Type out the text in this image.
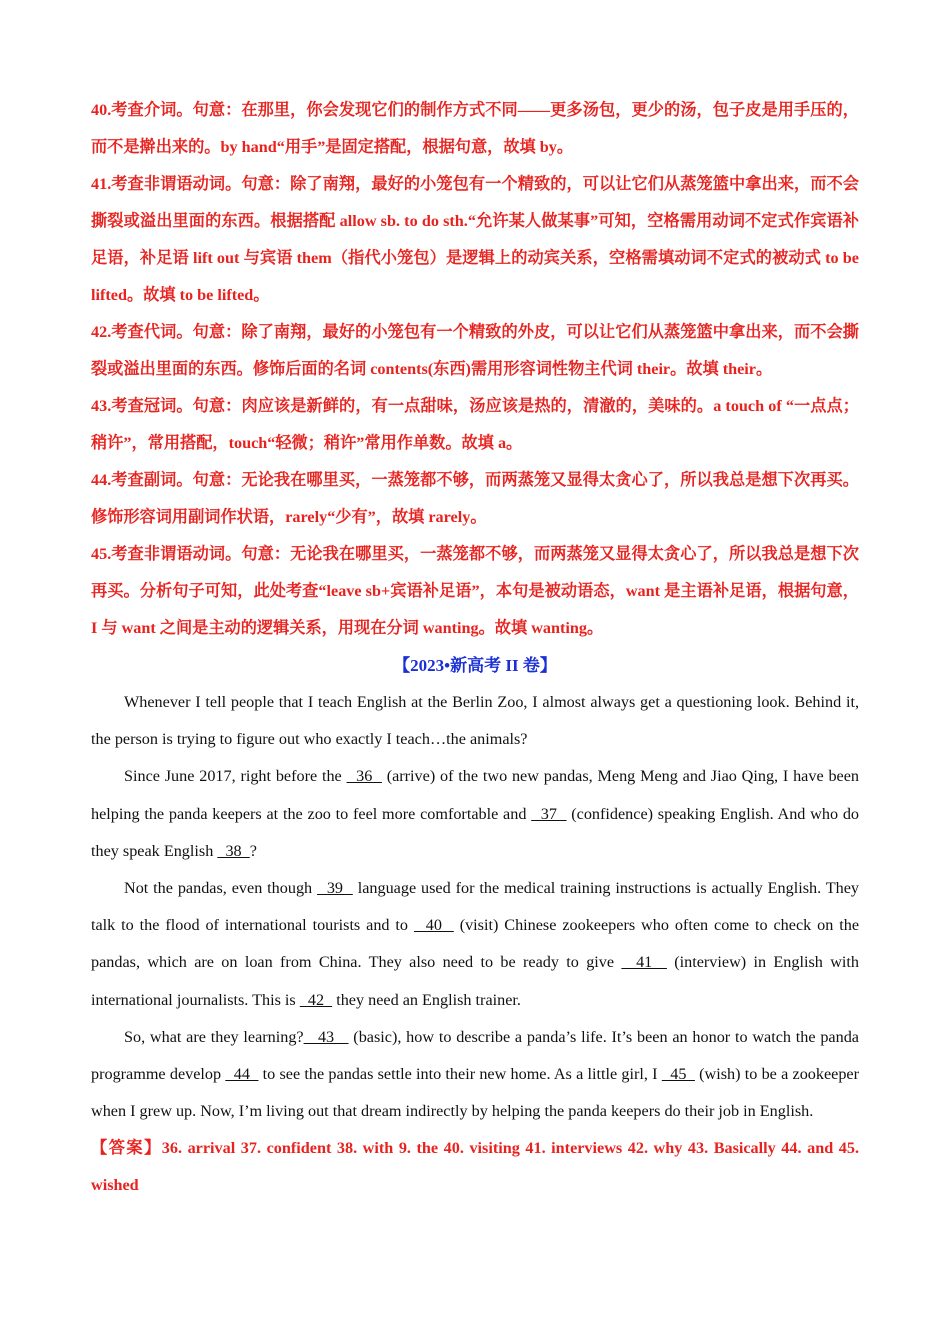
40.考查介词。句意：在那里，你会发现它们的制作方式不同——更多汤包，更少的汤，包子皮是用手压的，而不是擀出来的。by hand“用手”是固定搭配，根据句意，故填 by。

41.考查非谓语动词。句意：除了南翔，最好的小笼包有一个精致的，可以让它们从蒸笼篮中拿出来，而不会撕裂或溢出里面的东西。根据搭配 allow sb. to do sth.“允许某人做某事”可知，空格需用动词不定式作宾语补足语，补足语 lift out 与宾语 them（指代小笼包）是逻辑上的动宾关系，空格需填动词不定式的被动式 to be lifted。故填 to be lifted。

42.考查代词。句意：除了南翔，最好的小笼包有一个精致的外皮，可以让它们从蒸笼篮中拿出来，而不会撕裂或溢出里面的东西。修饰后面的名词 contents(东西)需用形容词性物主代词 their。故填 their。

43.考查冠词。句意：肉应该是新鲜的，有一点甜味，汤应该是热的，清澈的，美味的。a touch of “一点点；稍许”，常用搭配，touch“轻微；稍许”常用作单数。故填 a。

44.考查副词。句意：无论我在哪里买，一蒸笼都不够，而两蒸笼又显得太贪心了，所以我总是想下次再买。修饰形容词用副词作状语，rarely“少有”，故填 rarely。

45.考查非谓语动词。句意：无论我在哪里买，一蒸笼都不够，而两蒸笼又显得太贪心了，所以我总是想下次再买。分析句子可知，此处考查“leave sb+宾语补足语”，本句是被动语态，want 是主语补足语，根据句意，I 与 want 之间是主动的逻辑关系，用现在分词 wanting。故填 wanting。

【2023•新高考 II 卷】

Whenever I tell people that I teach English at the Berlin Zoo, I almost always get a questioning look. Behind it, the person is trying to figure out who exactly I teach…the animals?

Since June 2017, right before the   36   (arrive) of the two new pandas, Meng Meng and Jiao Qing, I have been helping the panda keepers at the zoo to feel more comfortable and   37   (confidence) speaking English. And who do they speak English   38  ?

Not the pandas, even though   39   language used for the medical training instructions is actually English. They talk to the flood of international tourists and to   40   (visit) Chinese zookeepers who often come to check on the pandas, which are on loan from China. They also need to be ready to give   41   (interview) in English with international journalists. This is   42   they need an English trainer.

So, what are they learning?   43    (basic), how to describe a panda’s life. It’s been an honor to watch the panda programme develop   44   to see the pandas settle into their new home. As a little girl, I   45   (wish) to be a zookeeper when I grew up. Now, I’m living out that dream indirectly by helping the panda keepers do their job in English.

【答案】36. arrival 37. confident 38. with 9. the 40. visiting 41. interviews 42. why 43. Basically 44. and 45. wished
